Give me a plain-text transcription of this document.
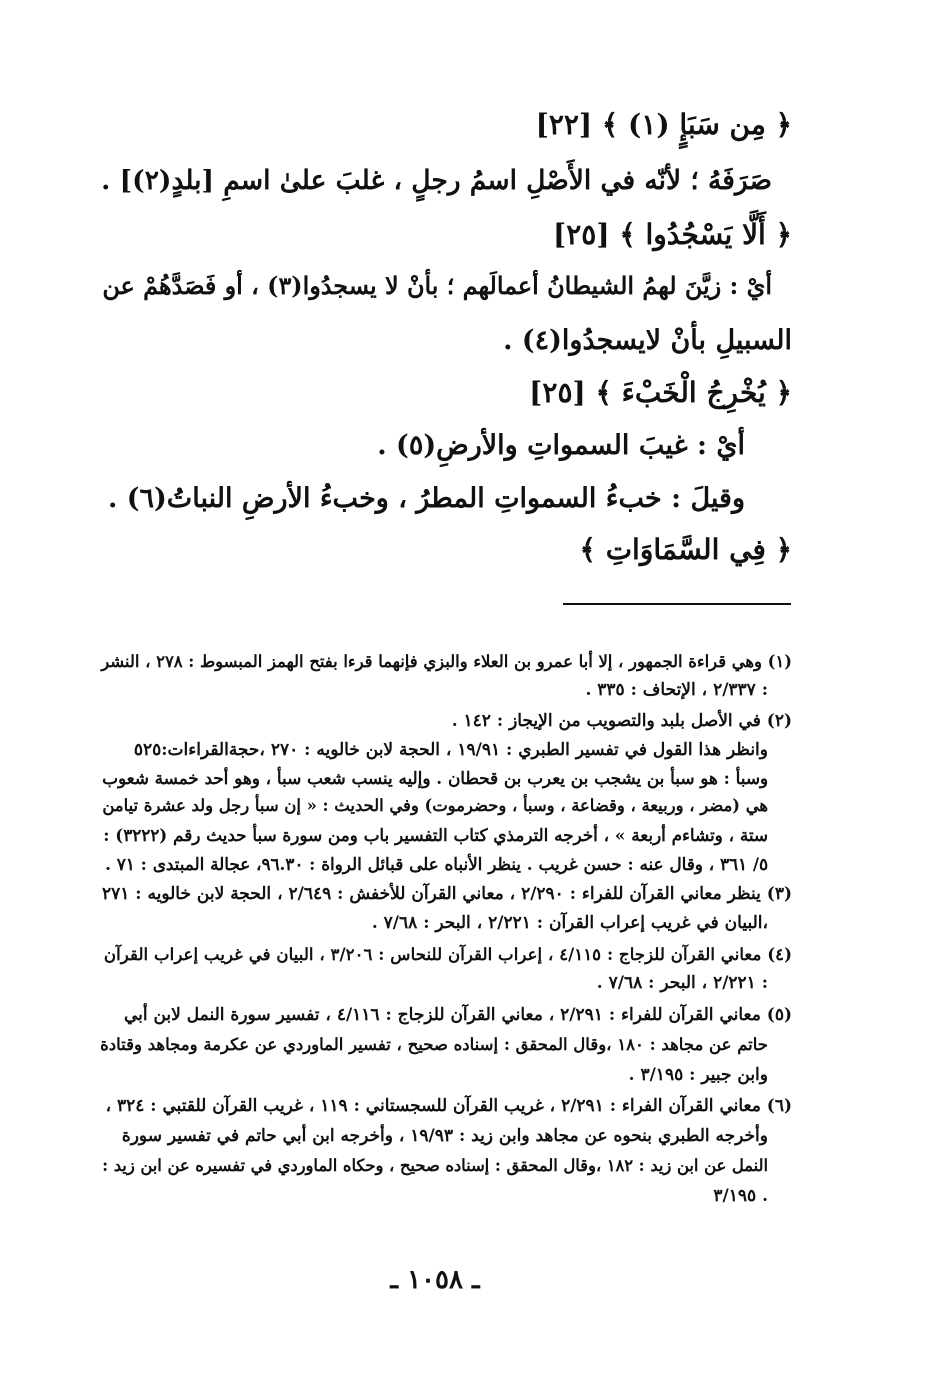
﴿ مِن سَبَإٍ (١) ﴾ [٢٢]
صَرَفَهُ ؛ لأنّه في الأَصْلِ اسمُ رجلٍ ، غلبَ علىٰ اسمِ [بلدٍ(٢)] .
﴿ أَلَّا يَسْجُدُوا ﴾ [٢٥]
أيْ : زيَّنَ لهمُ الشيطانُ أعمالَهم ؛ بأنْ لا يسجدُوا(٣) ، أو فَصَدَّهُمْ عن
السبيلِ بأنْ لايسجدُوا(٤) .
﴿ يُخْرِجُ الْخَبْءَ ﴾ [٢٥]
أيْ : غيبَ السمواتِ والأرضِ(٥) .
وقيلَ : خبءُ السمواتِ المطرُ ، وخبءُ الأرضِ النباتُ(٦) .
﴿ فِي السَّمَاوَاتِ ﴾
(١) وهي قراءة الجمهور ، إلا أبا عمرو بن العلاء والبزي فإنهما قرءا بفتح الهمز المبسوط : ٢٧٨ ، النشر
: ٢/٣٣٧ ، الإتحاف : ٣٣٥ .
(٢) في الأصل بلبد والتصويب من الإيجاز : ١٤٢ .
وانظر هذا القول في تفسير الطبري : ١٩/٩١ ، الحجة لابن خالويه : ٢٧٠ ،حجةالقراءات:٥٢٥
وسبأ : هو سبأ بن يشجب بن يعرب بن قحطان . وإليه ينسب شعب سبأ ، وهو أحد خمسة شعوب
هي (مضر ، وربيعة ، وقضاعة ، وسبأ ، وحضرموت) وفي الحديث : « إن سبأ رجل ولد عشرة تيامن
ستة ، وتشاءم أربعة » ، أخرجه الترمذي كتاب التفسير باب ومن سورة سبأ حديث رقم (٣٢٢٢) :
٥/ ٣٦١ ، وقال عنه : حسن غريب . ينظر الأنباه على قبائل الرواة : ٩٦.٣٠، عجالة المبتدى : ٧١ .
(٣) ينظر معاني القرآن للفراء : ٢/٢٩٠ ، معاني القرآن للأخفش : ٢/٦٤٩ ، الحجة لابن خالويه : ٢٧١
،البيان في غريب إعراب القرآن : ٢/٢٢١ ، البحر : ٧/٦٨ .
(٤) معاني القرآن للزجاج : ٤/١١٥ ، إعراب القرآن للنحاس : ٣/٢٠٦ ، البيان في غريب إعراب القرآن
: ٢/٢٢١ ، البحر : ٧/٦٨ .
(٥) معاني القرآن للفراء : ٢/٢٩١ ، معاني القرآن للزجاج : ٤/١١٦ ، تفسير سورة النمل لابن أبي
حاتم عن مجاهد : ١٨٠ ،وقال المحقق : إسناده صحيح ، تفسير الماوردي عن عكرمة ومجاهد وقتادة
وابن جبير : ٣/١٩٥ .
(٦) معاني القرآن الفراء : ٢/٢٩١ ، غريب القرآن للسجستاني : ١١٩ ، غريب القرآن للقتبي : ٣٢٤ ،
وأخرجه الطبري بنحوه عن مجاهد وابن زيد : ١٩/٩٣ ، وأخرجه ابن أبي حاتم في تفسير سورة
النمل عن ابن زيد : ١٨٢ ،وقال المحقق : إسناده صحيح ، وحكاه الماوردي في تفسيره عن ابن زيد :
٣/١٩٥ .
ـ ١٠٥٨ ـ
